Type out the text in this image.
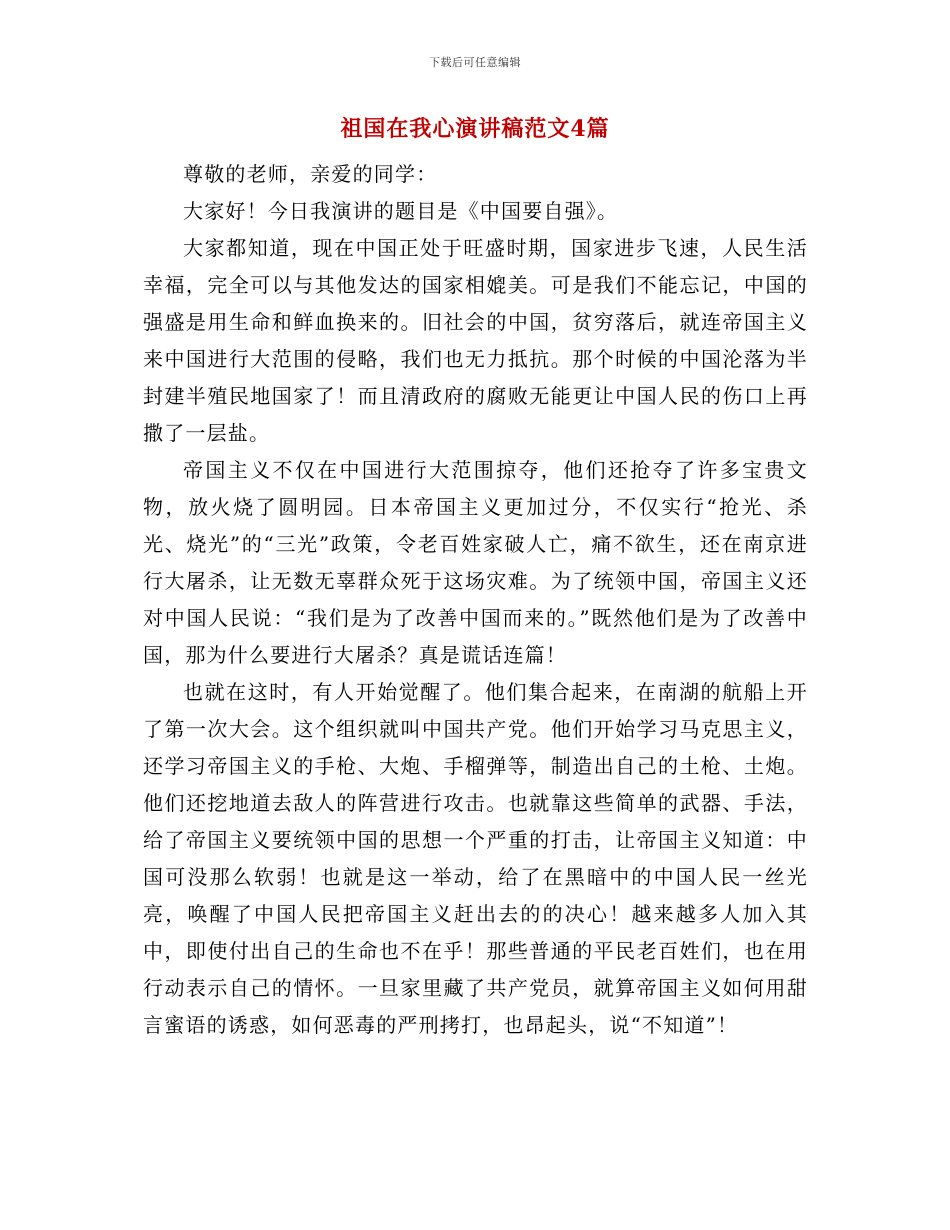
下载后可任意编辑
祖国在我心演讲稿范文4篇

尊敬的老师，亲爱的同学：

大家好！今日我演讲的题目是《中国要自强》。

大家都知道，现在中国正处于旺盛时期，国家进步飞速，人民生活幸福，完全可以与其他发达的国家相媲美。可是我们不能忘记，中国的强盛是用生命和鲜血换来的。旧社会的中国，贫穷落后，就连帝国主义来中国进行大范围的侵略，我们也无力抵抗。那个时候的中国沦落为半封建半殖民地国家了！而且清政府的腐败无能更让中国人民的伤口上再撒了一层盐。

帝国主义不仅在中国进行大范围掠夺，他们还抢夺了许多宝贵文物，放火烧了圆明园。日本帝国主义更加过分，不仅实行“抢光、杀光、烧光”的“三光”政策，令老百姓家破人亡，痛不欲生，还在南京进行大屠杀，让无数无辜群众死于这场灾难。为了统领中国，帝国主义还对中国人民说：“我们是为了改善中国而来的。”既然他们是为了改善中国，那为什么要进行大屠杀？真是谎话连篇！

也就在这时，有人开始觉醒了。他们集合起来，在南湖的航船上开了第一次大会。这个组织就叫中国共产党。他们开始学习马克思主义，还学习帝国主义的手枪、大炮、手榴弹等，制造出自己的土枪、土炮。他们还挖地道去敌人的阵营进行攻击。也就靠这些简单的武器、手法，给了帝国主义要统领中国的思想一个严重的打击，让帝国主义知道：中国可没那么软弱！也就是这一举动，给了在黑暗中的中国人民一丝光亮，唤醒了中国人民把帝国主义赶出去的的决心！越来越多人加入其中，即使付出自己的生命也不在乎！那些普通的平民老百姓们，也在用行动表示自己的情怀。一旦家里藏了共产党员，就算帝国主义如何用甜言蜜语的诱惑，如何恶毒的严刑拷打，也昂起头，说“不知道”！
